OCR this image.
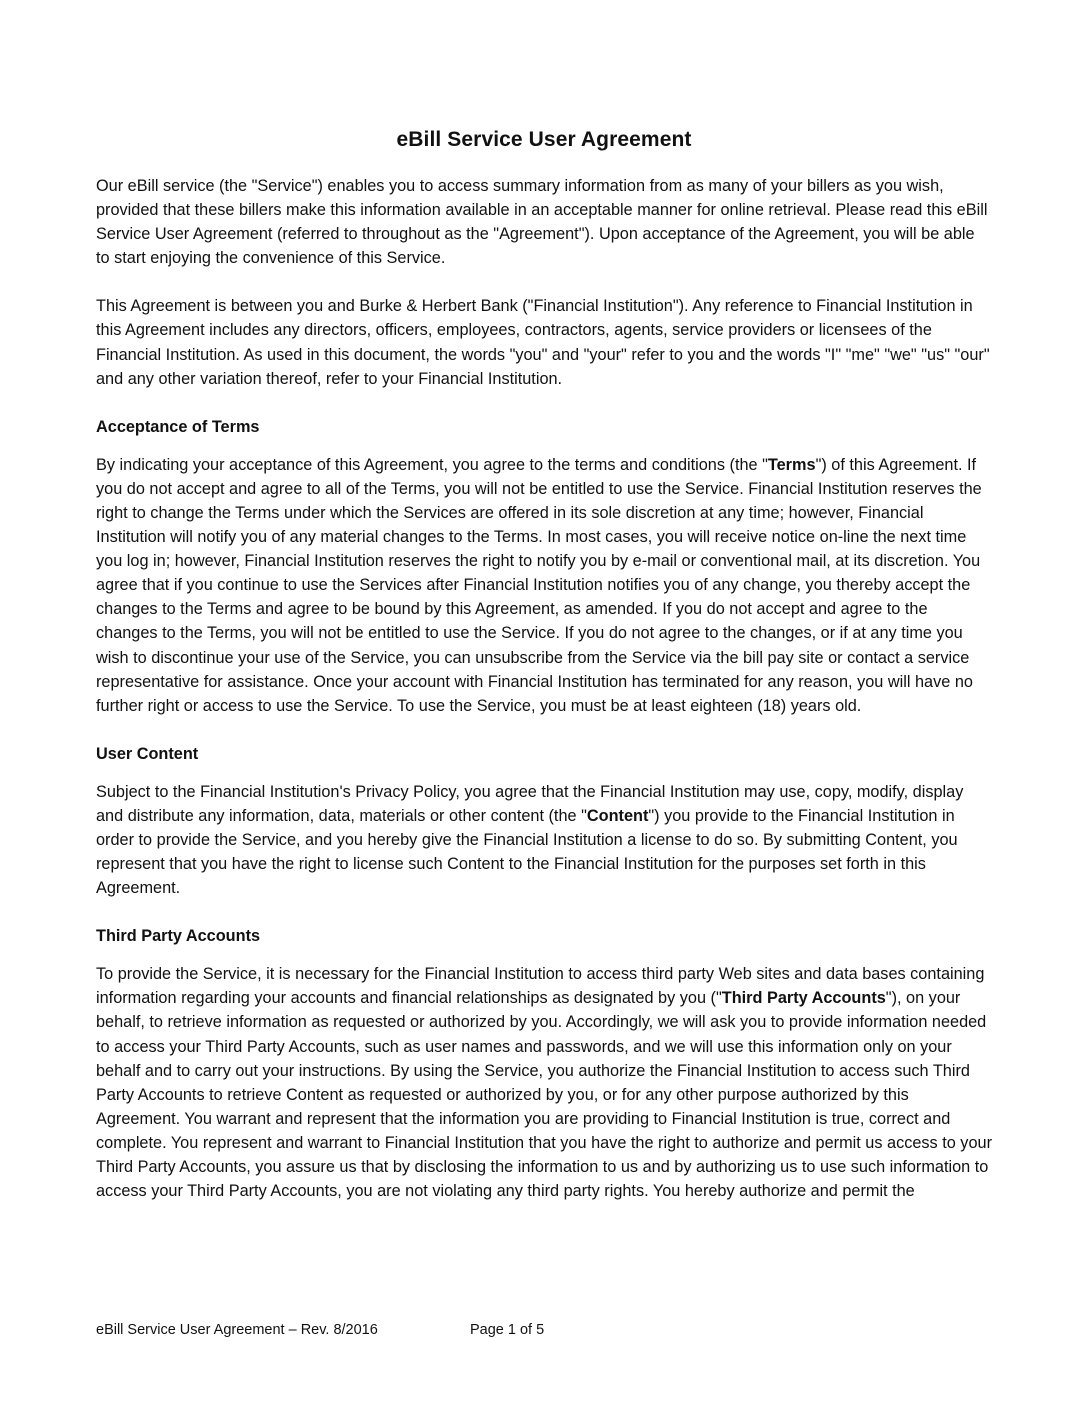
eBill Service User Agreement

Our eBill service (the "Service") enables you to access summary information from as many of your billers as you wish, provided that these billers make this information available in an acceptable manner for online retrieval. Please read this eBill Service User Agreement (referred to throughout as the "Agreement"). Upon acceptance of the Agreement, you will be able to start enjoying the convenience of this Service.

This Agreement is between you and Burke & Herbert Bank ("Financial Institution"). Any reference to Financial Institution in this Agreement includes any directors, officers, employees, contractors, agents, service providers or licensees of the Financial Institution. As used in this document, the words "you" and "your" refer to you and the words "I" "me" "we" "us" "our" and any other variation thereof, refer to your Financial Institution.

Acceptance of Terms

By indicating your acceptance of this Agreement, you agree to the terms and conditions (the "Terms") of this Agreement. If you do not accept and agree to all of the Terms, you will not be entitled to use the Service. Financial Institution reserves the right to change the Terms under which the Services are offered in its sole discretion at any time; however, Financial Institution will notify you of any material changes to the Terms. In most cases, you will receive notice on-line the next time you log in; however, Financial Institution reserves the right to notify you by e-mail or conventional mail, at its discretion. You agree that if you continue to use the Services after Financial Institution notifies you of any change, you thereby accept the changes to the Terms and agree to be bound by this Agreement, as amended. If you do not accept and agree to the changes to the Terms, you will not be entitled to use the Service. If you do not agree to the changes, or if at any time you wish to discontinue your use of the Service, you can unsubscribe from the Service via the bill pay site or contact a service representative for assistance. Once your account with Financial Institution has terminated for any reason, you will have no further right or access to use the Service. To use the Service, you must be at least eighteen (18) years old.

User Content

Subject to the Financial Institution's Privacy Policy, you agree that the Financial Institution may use, copy, modify, display and distribute any information, data, materials or other content (the "Content") you provide to the Financial Institution in order to provide the Service, and you hereby give the Financial Institution a license to do so. By submitting Content, you represent that you have the right to license such Content to the Financial Institution for the purposes set forth in this Agreement.

Third Party Accounts

To provide the Service, it is necessary for the Financial Institution to access third party Web sites and data bases containing information regarding your accounts and financial relationships as designated by you ("Third Party Accounts"), on your behalf, to retrieve information as requested or authorized by you. Accordingly, we will ask you to provide information needed to access your Third Party Accounts, such as user names and passwords, and we will use this information only on your behalf and to carry out your instructions. By using the Service, you authorize the Financial Institution to access such Third Party Accounts to retrieve Content as requested or authorized by you, or for any other purpose authorized by this Agreement. You warrant and represent that the information you are providing to Financial Institution is true, correct and complete. You represent and warrant to Financial Institution that you have the right to authorize and permit us access to your Third Party Accounts, you assure us that by disclosing the information to us and by authorizing us to use such information to access your Third Party Accounts, you are not violating any third party rights. You hereby authorize and permit the

eBill Service User Agreement – Rev. 8/2016	Page 1 of 5
